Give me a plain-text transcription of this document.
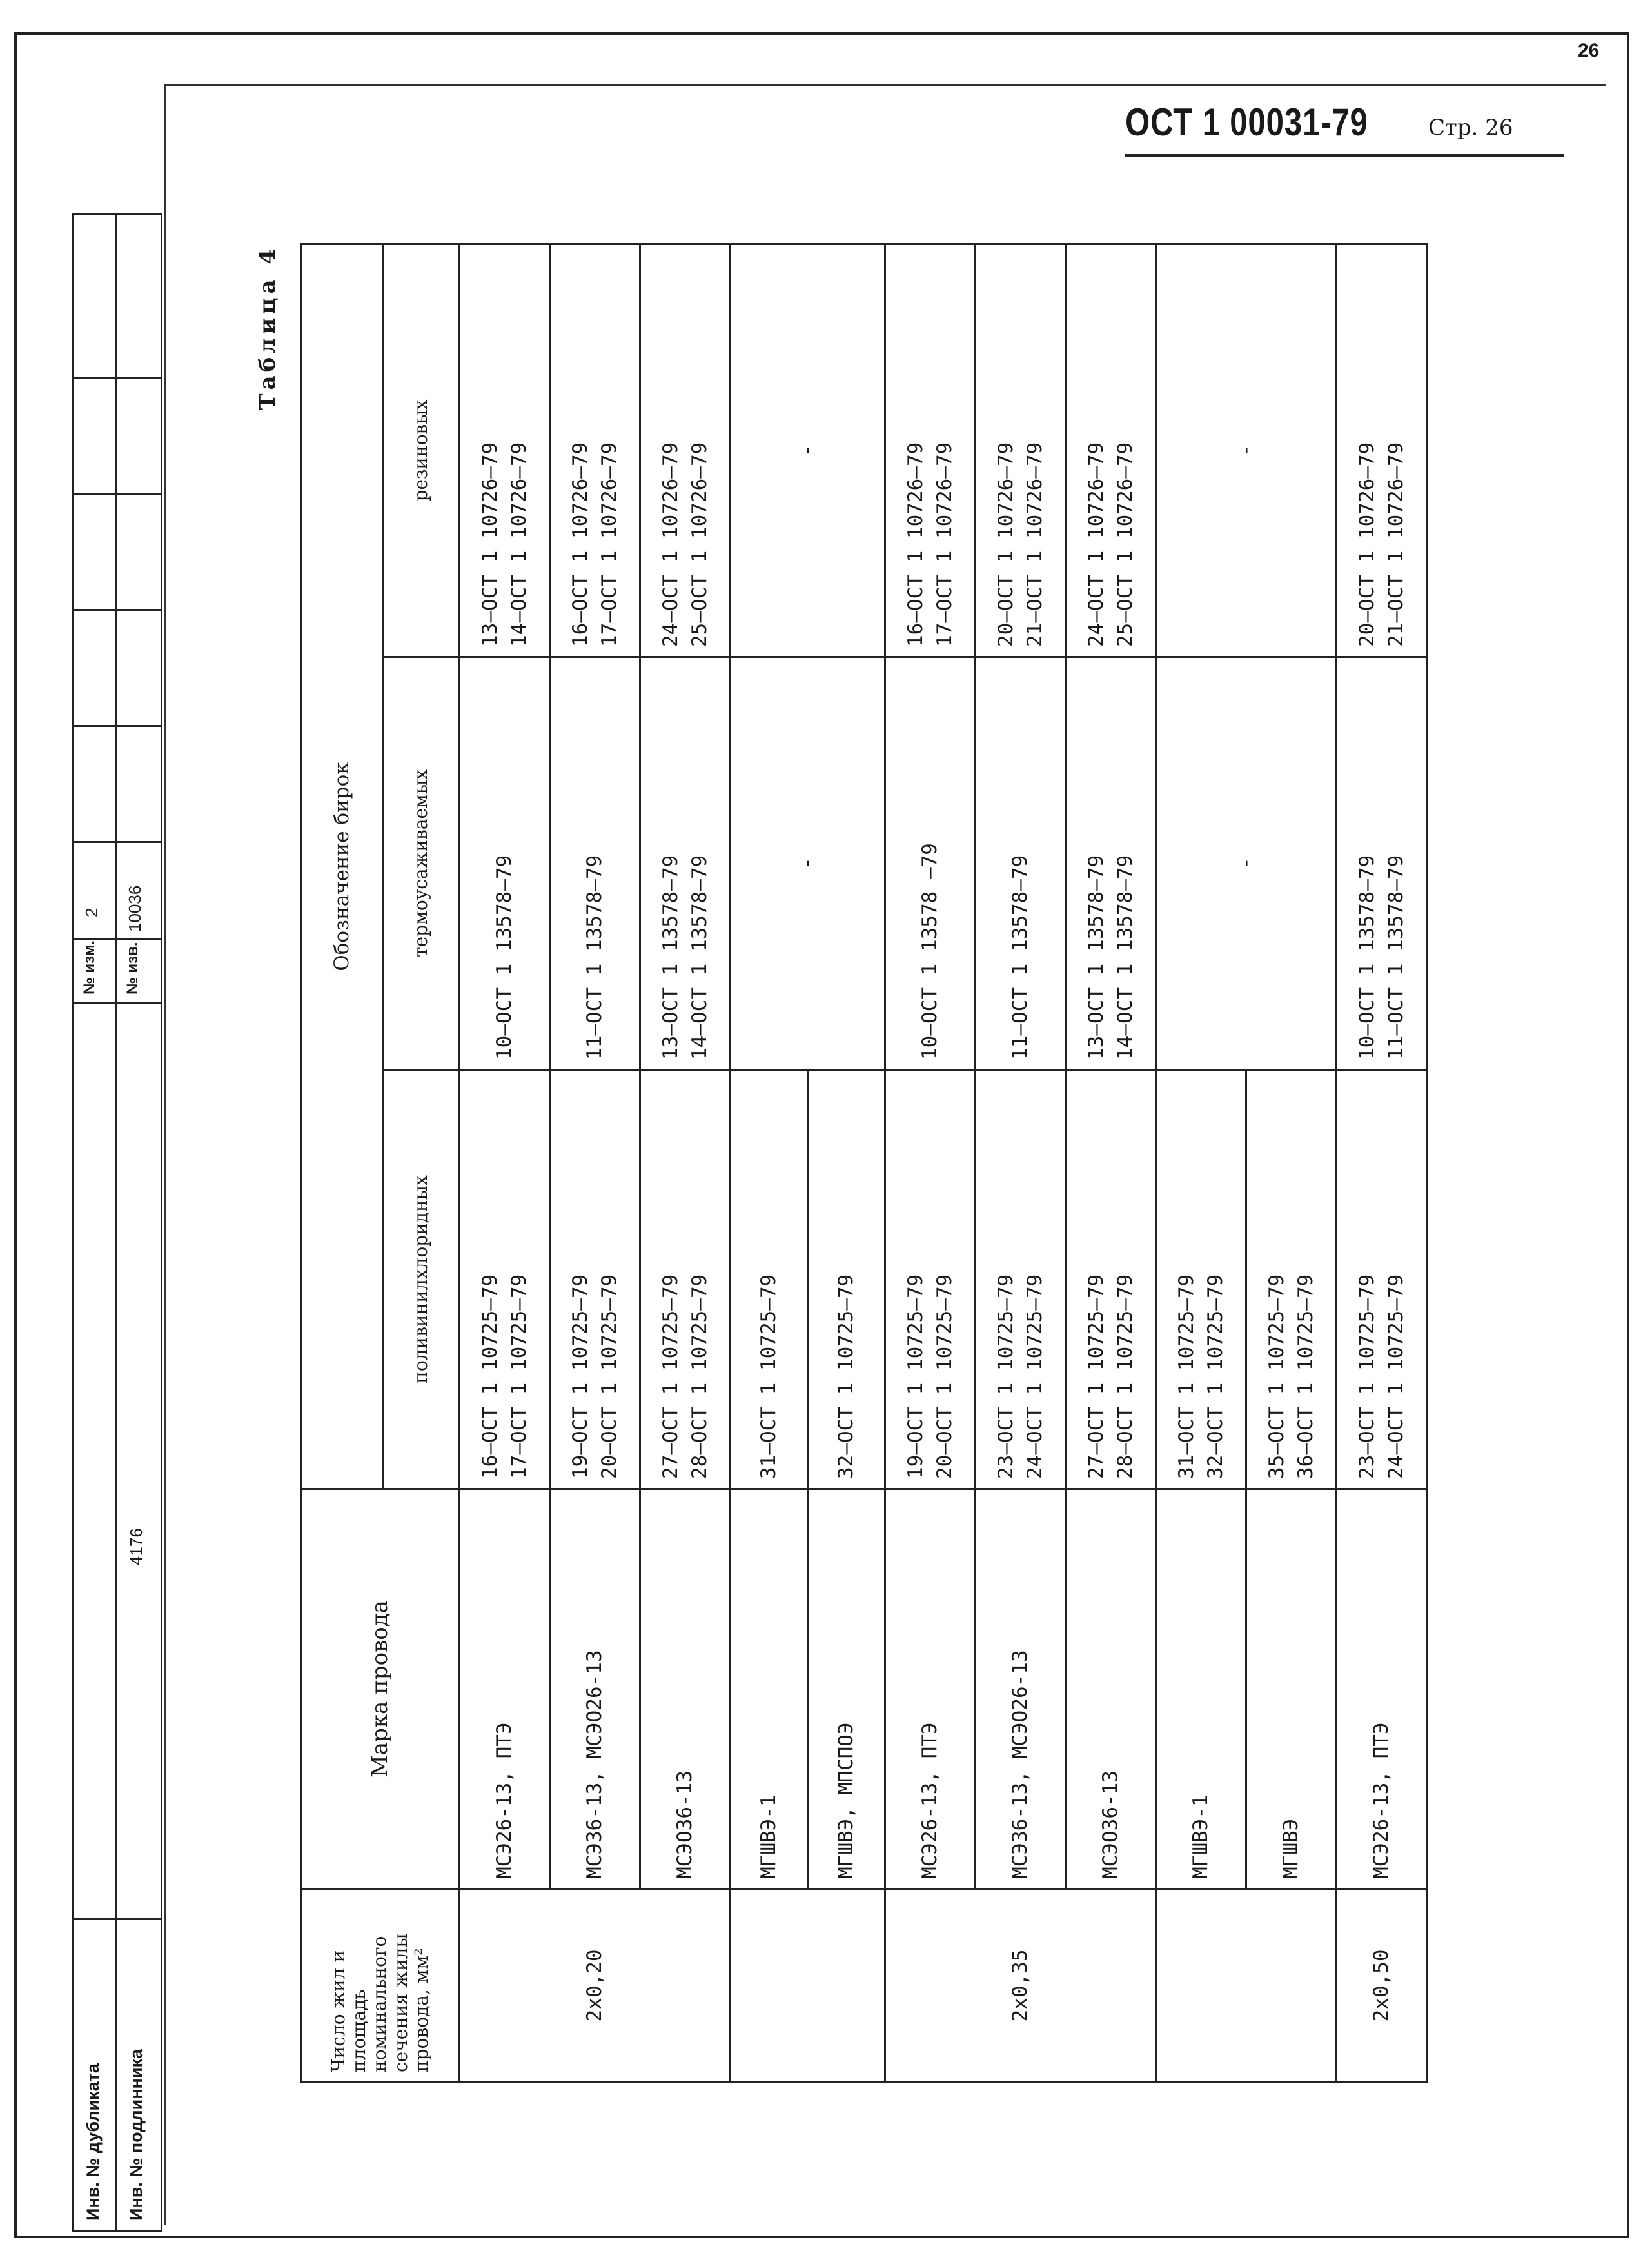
26
Инв. № дубликата
№ изм.
2
Инв. № подлинника
4176
№ изв.
10036
ОСТ 1 00031-79	Стр. 26
Таблица 4
Число жил и площадь номинального сечения жилы провода, мм²	Марка провода	Обозначение бирок		
		поливинилхлоридных	термоусаживаемых	резиновых
2х0,20	МСЭ26-13, ПТЭ	16–ОСТ 1 10725–79 17–ОСТ 1 10725–79	10–ОСТ 1 13578–79	13–ОСТ 1 10726–79 14–ОСТ 1 10726–79

	МСЭ36-13, МСЭО26-13	19–ОСТ 1 10725–79 20–ОСТ 1 10725–79	11–ОСТ 1 13578–79	16–ОСТ 1 10726–79 17–ОСТ 1 10726–79

	МСЭО36-13	27–ОСТ 1 10725–79 28–ОСТ 1 10725–79	13–ОСТ 1 13578–79 14–ОСТ 1 13578–79	24–ОСТ 1 10726–79 25–ОСТ 1 10726–79

	МГШВЭ-1	31–ОСТ 1 10725–79	-	-

	МГШВЭ, МПСПОЭ	32–ОСТ 1 10725–79		

2х0,35	МСЭ26-13, ПТЭ	19–ОСТ 1 10725–79 20–ОСТ 1 10725–79	10–ОСТ 1 13578 –79	16–ОСТ 1 10726–79 17–ОСТ 1 10726–79

	МСЭ36-13, МСЭО26-13	23–ОСТ 1 10725–79 24–ОСТ 1 10725–79	11–ОСТ 1 13578–79	20–ОСТ 1 10726–79 21–ОСТ 1 10726–79

	МСЭО36-13	27–ОСТ 1 10725–79 28–ОСТ 1 10725–79	13–ОСТ 1 13578–79 14–ОСТ 1 13578–79	24–ОСТ 1 10726–79 25–ОСТ 1 10726–79

	МГШВЭ-1	31–ОСТ 1 10725–79 32–ОСТ 1 10725–79	-	-

	МГШВЭ	35–ОСТ 1 10725–79 36–ОСТ 1 10725–79		

2х0,50	МСЭ26-13, ПТЭ	23–ОСТ 1 10725–79 24–ОСТ 1 10725–79	10–ОСТ 1 13578–79 11–ОСТ 1 13578–79	20–ОСТ 1 10726–79 21–ОСТ 1 10726–79
